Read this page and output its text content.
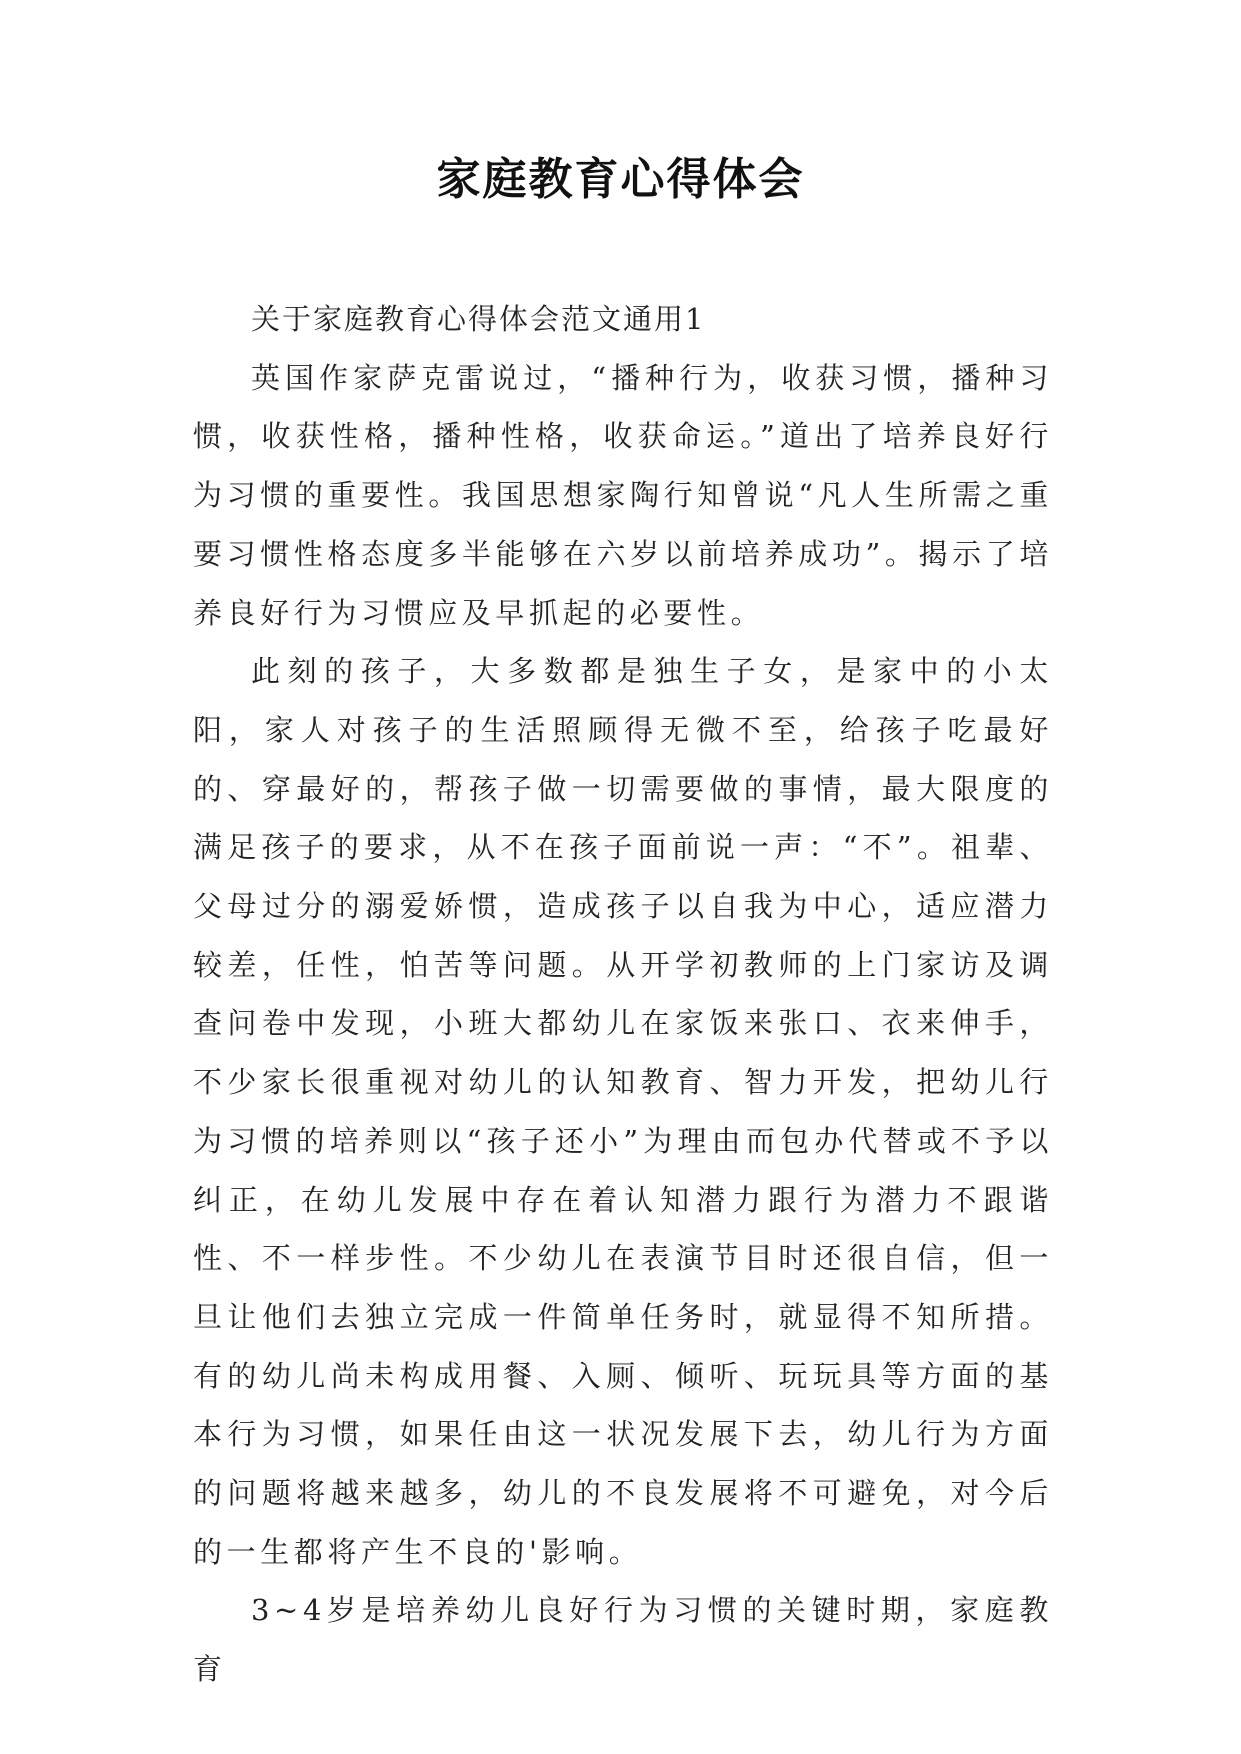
家庭教育心得体会

关于家庭教育心得体会范文通用1

英国作家萨克雷说过，“播种行为，收获习惯，播种习惯，收获性格，播种性格，收获命运。”道出了培养良好行为习惯的重要性。我国思想家陶行知曾说“凡人生所需之重要习惯性格态度多半能够在六岁以前培养成功”。揭示了培养良好行为习惯应及早抓起的必要性。

此刻的孩子，大多数都是独生子女，是家中的小太阳，家人对孩子的生活照顾得无微不至，给孩子吃最好的、穿最好的，帮孩子做一切需要做的事情，最大限度的满足孩子的要求，从不在孩子面前说一声：“不”。祖辈、父母过分的溺爱娇惯，造成孩子以自我为中心，适应潜力较差，任性，怕苦等问题。从开学初教师的上门家访及调查问卷中发现，小班大都幼儿在家饭来张口、衣来伸手，不少家长很重视对幼儿的认知教育、智力开发，把幼儿行为习惯的培养则以“孩子还小”为理由而包办代替或不予以纠正，在幼儿发展中存在着认知潜力跟行为潜力不跟谐性、不一样步性。不少幼儿在表演节目时还很自信，但一旦让他们去独立完成一件简单任务时，就显得不知所措。有的幼儿尚未构成用餐、入厕、倾听、玩玩具等方面的基本行为习惯，如果任由这一状况发展下去，幼儿行为方面的问题将越来越多，幼儿的不良发展将不可避免，对今后的一生都将产生不良的'影响。

3~4岁是培养幼儿良好行为习惯的关键时期，家庭教育
